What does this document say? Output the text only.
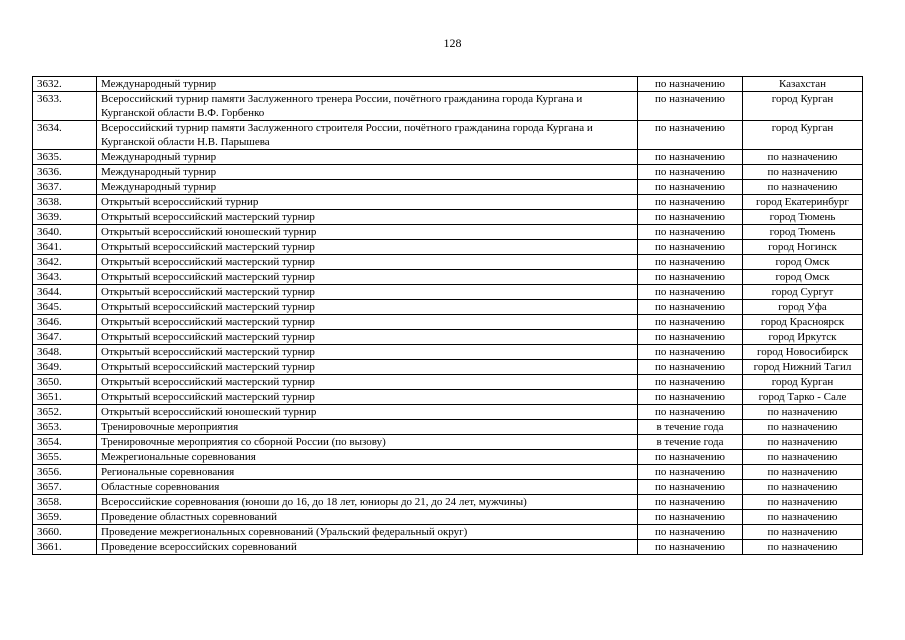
128
3632.	Международный турнир	по назначению	Казахстан
3633.	Всероссийский турнир памяти Заслуженного тренера России, почётного гражданина города Кургана и Курганской области В.Ф. Горбенко	по назначению	город Курган
3634.	Всероссийский турнир памяти Заслуженного строителя России, почётного гражданина города Кургана и Курганской области Н.В. Парышева	по назначению	город Курган
3635.	Международный турнир	по назначению	по назначению
3636.	Международный турнир	по назначению	по назначению
3637.	Международный турнир	по назначению	по назначению
3638.	Открытый всероссийский турнир	по назначению	город Екатеринбург
3639.	Открытый всероссийский мастерский турнир	по назначению	город Тюмень
3640.	Открытый всероссийский юношеский турнир	по назначению	город Тюмень
3641.	Открытый всероссийский мастерский турнир	по назначению	город Ногинск
3642.	Открытый всероссийский мастерский турнир	по назначению	город Омск
3643.	Открытый всероссийский мастерский турнир	по назначению	город Омск
3644.	Открытый всероссийский мастерский турнир	по назначению	город Сургут
3645.	Открытый всероссийский мастерский турнир	по назначению	город Уфа
3646.	Открытый всероссийский мастерский турнир	по назначению	город Красноярск
3647.	Открытый всероссийский мастерский турнир	по назначению	город Иркутск
3648.	Открытый всероссийский мастерский турнир	по назначению	город Новосибирск
3649.	Открытый всероссийский мастерский турнир	по назначению	город Нижний Тагил
3650.	Открытый всероссийский мастерский турнир	по назначению	город Курган
3651.	Открытый всероссийский мастерский турнир	по назначению	город Тарко - Сале
3652.	Открытый всероссийский юношеский турнир	по назначению	по назначению
3653.	Тренировочные мероприятия	в течение года	по назначению
3654.	Тренировочные мероприятия со сборной России (по вызову)	в течение года	по назначению
3655.	Межрегиональные соревнования	по назначению	по назначению
3656.	Региональные соревнования	по назначению	по назначению
3657.	Областные соревнования	по назначению	по назначению
3658.	Всероссийские соревнования (юноши до 16, до 18 лет, юниоры до 21, до 24 лет, мужчины)	по назначению	по назначению
3659.	Проведение областных соревнований	по назначению	по назначению
3660.	Проведение межрегиональных соревнований (Уральский федеральный округ)	по назначению	по назначению
3661.	Проведение всероссийских соревнований	по назначению	по назначению
